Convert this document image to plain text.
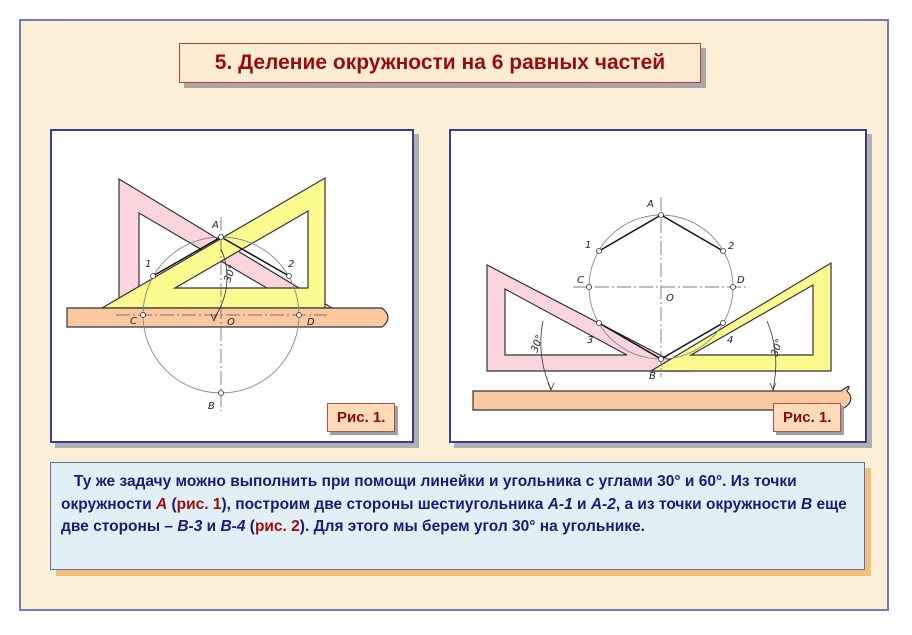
5. Деление окружности на 6 равных частей
A
1	2
C	D
O
B
30°
Рис. 1.
A
1	2
C	D
O
3	4
B
30°	30°
Рис. 1.
Ту же задачу можно выполнить при помощи линейки и угольника с углами 30° и 60°. Из точки окружности А (рис. 1), построим две стороны шестиугольника А-1 и А-2, а из точки окружности В еще две стороны – В-3 и В-4 (рис. 2). Для этого мы берем угол 30° на угольнике.
